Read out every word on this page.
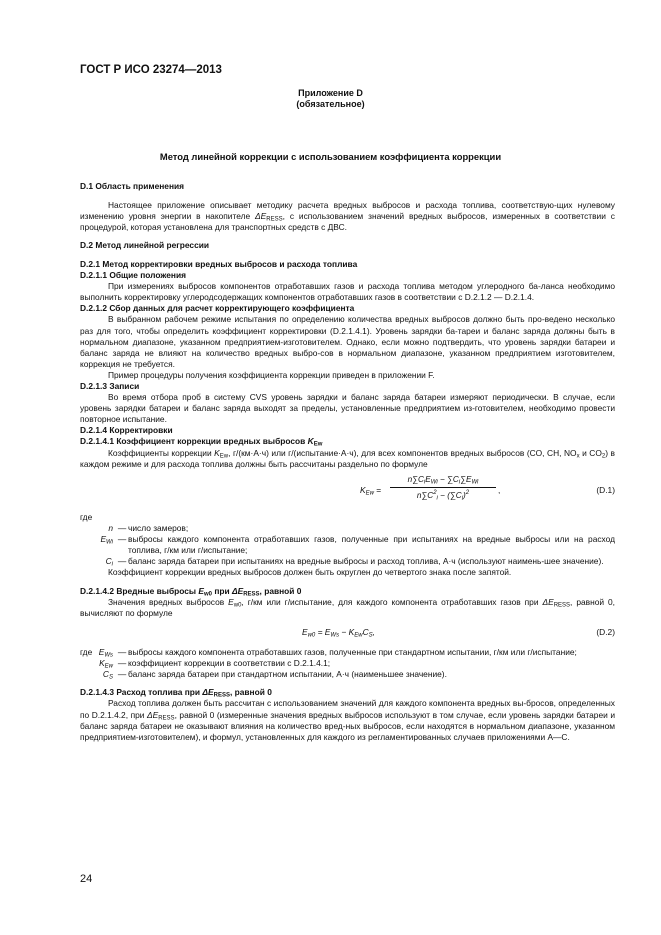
ГОСТ Р ИСО 23274—2013
Приложение D
(обязательное)
Метод линейной коррекции с использованием коэффициента коррекции

D.1 Область применения

Настоящее приложение описывает методику расчета вредных выбросов и расхода топлива, соответствую-щих нулевому изменению уровня энергии в накопителе $\Delta E_{RESS}$, с использованием значений вредных выбросов, измеренных в соответствии с процедурой, которая установлена для транспортных средств с ДВС.

D.2 Метод линейной регрессии

D.2.1 Метод корректировки вредных выбросов и расхода топлива

D.2.1.1 Общие положения

При измерениях выбросов компонентов отработавших газов и расхода топлива методом углеродного ба-ланса необходимо выполнить корректировку углеродсодержащих компонентов отработавших газов в соответствии с D.2.1.2 — D.2.1.4.

D.2.1.2 Сбор данных для расчет корректирующего коэффициента

В выбранном рабочем режиме испытания по определению количества вредных выбросов должно быть про-ведено несколько раз для того, чтобы определить коэффициент корректировки (D.2.1.4.1). Уровень зарядки ба-тареи и баланс заряда должны быть в нормальном диапазоне, указанном предприятием-изготовителем. Однако, если можно подтвердить, что уровень зарядки батареи и баланс заряда не влияют на количество вредных выбро-сов в нормальном диапазоне, указанном предприятием изготовителем, коррекция не требуется.

Пример процедуры получения коэффициента коррекции приведен в приложении F.

D.2.1.3 Записи

Во время отбора проб в систему CVS уровень зарядки и баланс заряда батареи измеряют периодически. В случае, если уровень зарядки батареи и баланс заряда выходят за пределы, установленные предприятием из-готовителем, необходимо провести повторное испытание.

D.2.1.4 Корректировки

D.2.1.4.1 Коэффициент коррекции вредных выбросов $K_{Ew}$

Коэффициенты коррекции $K_{Ew}$, г/(км·А·ч) или г/(испытание·А·ч), для всех компонентов вредных выбросов (CO, CH, $NO_x$ и $CO_2$) в каждом режиме и для расхода топлива должны быть рассчитаны раздельно по формуле

$K_{Ew}$ =
$n\sum C_iE_{Wi} - \sum C_i\sum E_{Wi}$
$n\sum C^2_i - (\sum C_i)^2$	,	(D.1)
где
n — число замеров;
$E_{Wi}$ — выбросы каждого компонента отработавших газов, полученные при испытаниях на вредные выбросы или на расход топлива, г/км или г/испытание;
$C_i$ — баланс заряда батареи при испытаниях на вредные выбросы и расход топлива, А·ч (используют наимень-шее значение).

Коэффициент коррекции вредных выбросов должен быть округлен до четвертого знака после запятой.

D.2.1.4.2 Вредные выбросы $E_{w0}$ при $\Delta E_{RESS}$, равной 0

Значения вредных выбросов $E_{w0}$, г/км или г/испытание, для каждого компонента отработавших газов при $\Delta E_{RESS}$, равной 0, вычисляют по формуле

$E_{w0} = E_{Ws} - K_{Ew}C_S$,	(D.2)
где $E_{Ws}$ — выбросы каждого компонента отработавших газов, полученные при стандартном испытании, г/км или г/испытание;
$K_{Ew}$ — коэффициент коррекции в соответствии с D.2.1.4.1;
$C_S$ — баланс заряда батареи при стандартном испытании, А·ч (наименьшее значение).

D.2.1.4.3 Расход топлива при $\Delta E_{RESS}$, равной 0

Расход топлива должен быть рассчитан с использованием значений для каждого компонента вредных вы-бросов, определенных по D.2.1.4.2, при $\Delta E_{RESS}$, равной 0 (измеренные значения вредных выбросов используют в том случае, если уровень зарядки батареи и баланс заряда батареи не оказывают влияния на количество вред-ных выбросов, если находятся в нормальном диапазоне, указанном предприятием-изготовителем), и формул, установленных для каждого из регламентированных случаев приложениями А—С.

24
